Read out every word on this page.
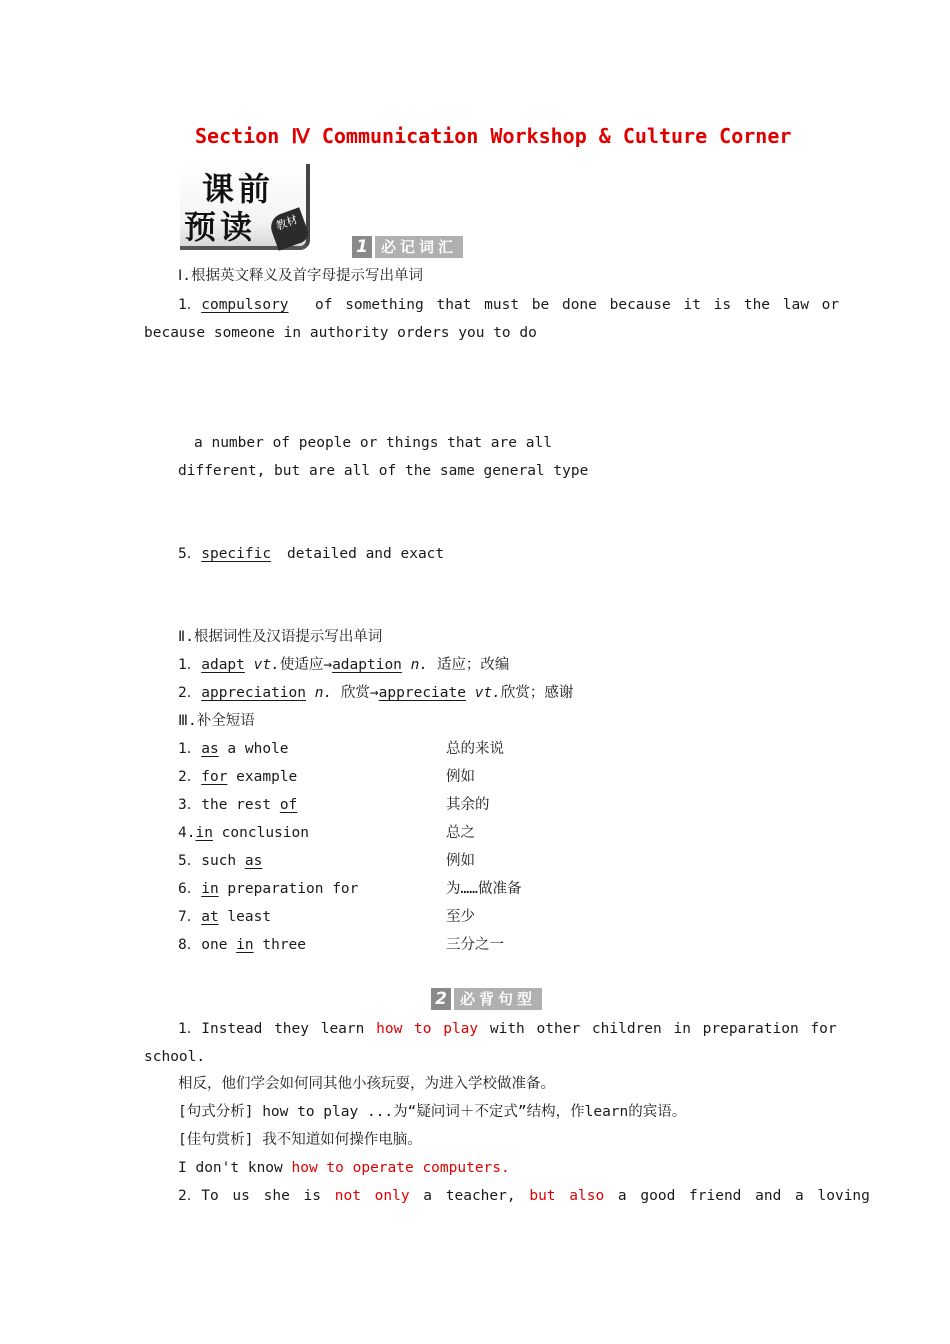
Section Ⅳ Communication Workshop & Culture Corner
课前
预读	教材
1 必记词汇
Ⅰ.根据英文释义及首字母提示写出单词
1．compulsory of something that must be done because it is the law or
because someone in authority orders you to do
a number of people or things that are all
different, but are all of the same general type
5．specific detailed and exact
Ⅱ.根据词性及汉语提示写出单词
1．adapt vt.使适应→adaption n. 适应；改编
2．appreciation n. 欣赏→appreciate vt.欣赏；感谢
Ⅲ.补全短语
1．as a whole	总的来说
2．for example	例如
3．the rest of	其余的
4.in conclusion	总之
5．such as	例如
6．in preparation for	为……做准备
7．at least	至少
8．one in three	三分之一
2 必背句型
1．Instead they learn how to play with other children in preparation for
school.
相反，他们学会如何同其他小孩玩耍，为进入学校做准备。
[句式分析] how to play ...为“疑问词＋不定式”结构，作learn的宾语。
[佳句赏析] 我不知道如何操作电脑。
I don't know how to operate computers.
2．To us she is not only a teacher, but also a good friend and a loving
